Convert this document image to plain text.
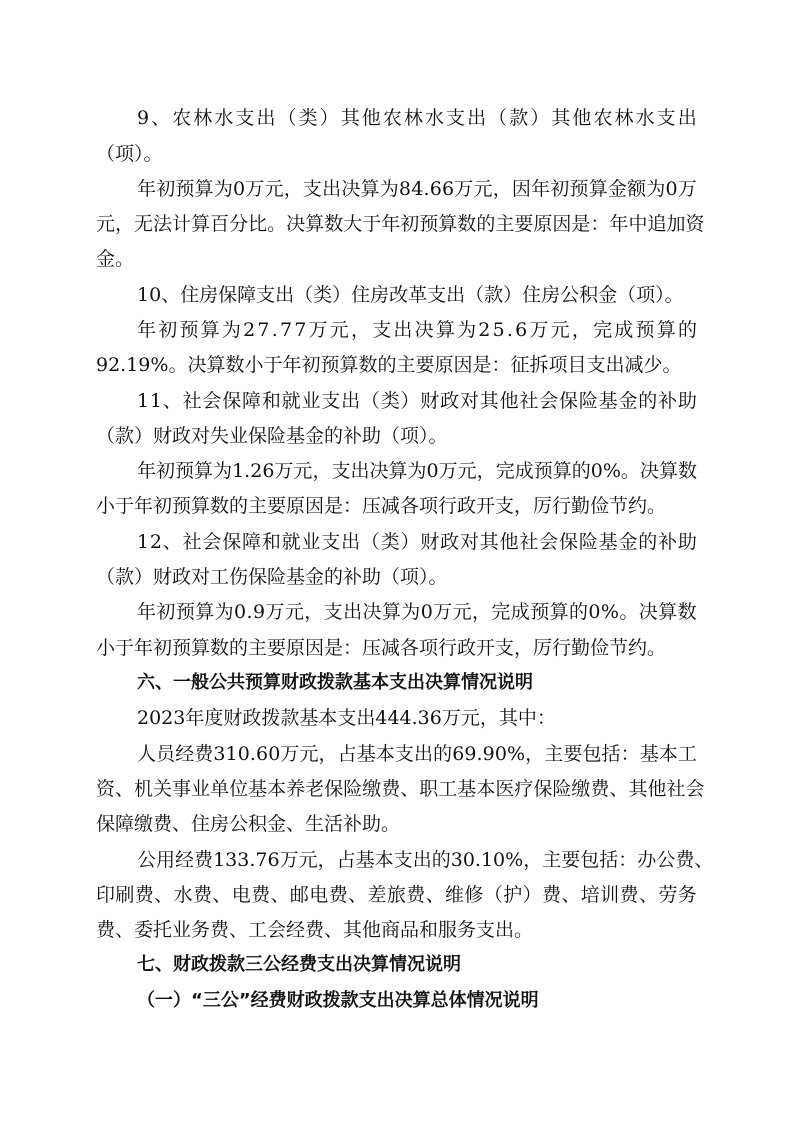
9 、 农 林 水 支 出 （ 类 ） 其 他 农 林 水 支 出 （ 款 ） 其 他 农 林 水 支 出
（项）。
年 初 预 算 为 0 万 元 ， 支 出 决 算 为 8 4 . 6 6 万 元 ， 因 年 初 预 算 金 额 为 0 万
元 ， 无 法 计 算 百 分 比 。 决 算 数 大 于 年 初 预 算 数 的 主 要 原 因 是 ： 年 中 追 加 资
金。
10、住房保障支出（类）住房改革支出（款）住房公积金（项）。
年 初 预 算 为 2 7 . 7 7 万 元 ， 支 出 决 算 为 2 5 . 6 万 元 ， 完 成 预 算 的
92.19%。决算数小于年初预算数的主要原因是：征拆项目支出减少。
1 1 、 社 会 保 障 和 就 业 支 出 （ 类 ） 财 政 对 其 他 社 会 保 险 基 金 的 补 助
（款）财政对失业保险基金的补助（项）。
年 初 预 算 为 1 . 2 6 万 元 ， 支 出 决 算 为 0 万 元 ， 完 成 预 算 的 0 % 。 决 算 数
小于年初预算数的主要原因是：压减各项行政开支，厉行勤俭节约。
1 2 、 社 会 保 障 和 就 业 支 出 （ 类 ） 财 政 对 其 他 社 会 保 险 基 金 的 补 助
（款）财政对工伤保险基金的补助（项）。
年 初 预 算 为 0 . 9 万 元 ， 支 出 决 算 为 0 万 元 ， 完 成 预 算 的 0 % 。 决 算 数
小于年初预算数的主要原因是：压减各项行政开支，厉行勤俭节约。
六、一般公共预算财政拨款基本支出决算情况说明
2023年度财政拨款基本支出444.36万元，其中：
人 员 经 费 3 1 0 . 6 0 万 元 ， 占 基 本 支 出 的 6 9 . 9 0 % ， 主 要 包 括 ： 基 本 工
资 、 机 关 事 业 单 位 基 本 养 老 保 险 缴 费 、 职 工 基 本 医 疗 保 险 缴 费 、 其 他 社 会
保障缴费、住房公积金、生活补助。
公 用 经 费 1 3 3 . 7 6 万 元 ， 占 基 本 支 出 的 3 0 . 1 0 % ， 主 要 包 括 ： 办 公 费 、
印 刷 费 、 水 费 、 电 费 、 邮 电 费 、 差 旅 费 、 维 修 （ 护 ） 费 、 培 训 费 、 劳 务
费、委托业务费、工会经费、其他商品和服务支出。
七、财政拨款三公经费支出决算情况说明
（一）“三公”经费财政拨款支出决算总体情况说明
